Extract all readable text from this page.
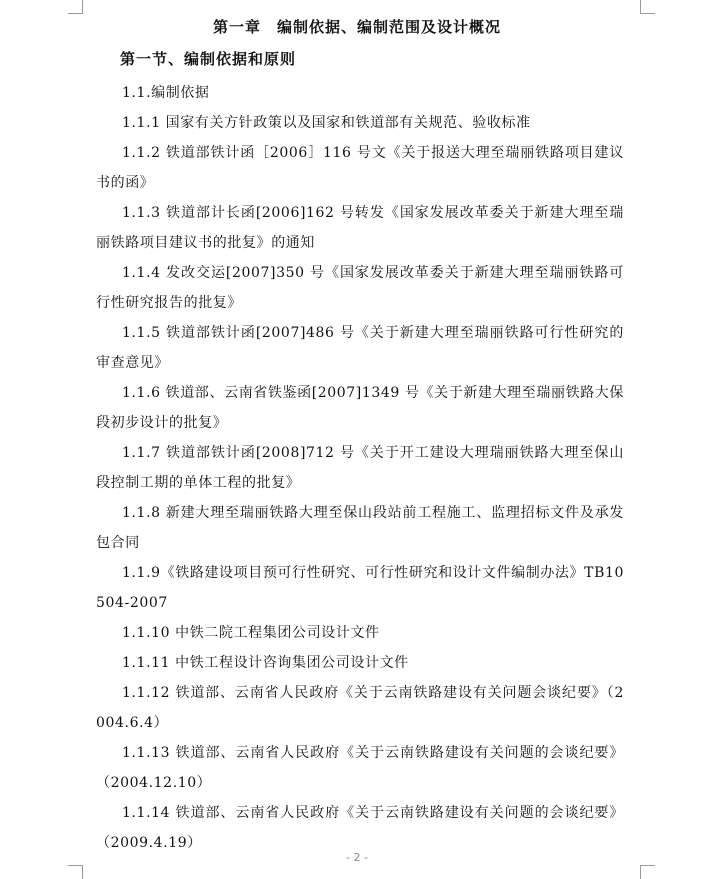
第一章　编制依据、编制范围及设计概况
第一节、编制依据和原则

1.1.编制依据

1.1.1 国家有关方针政策以及国家和铁道部有关规范、验收标准

1.1.2 铁道部铁计函［2006］116 号文《关于报送大理至瑞丽铁路项目建议书的函》

1.1.3 铁道部计长函[2006]162 号转发《国家发展改革委关于新建大理至瑞丽铁路项目建议书的批复》的通知

1.1.4 发改交运[2007]350 号《国家发展改革委关于新建大理至瑞丽铁路可行性研究报告的批复》

1.1.5 铁道部铁计函[2007]486 号《关于新建大理至瑞丽铁路可行性研究的审查意见》

1.1.6 铁道部、云南省铁鉴函[2007]1349 号《关于新建大理至瑞丽铁路大保段初步设计的批复》

1.1.7 铁道部铁计函[2008]712 号《关于开工建设大理瑞丽铁路大理至保山段控制工期的单体工程的批复》

1.1.8 新建大理至瑞丽铁路大理至保山段站前工程施工、监理招标文件及承发包合同

1.1.9《铁路建设项目预可行性研究、可行性研究和设计文件编制办法》TB10504-2007

1.1.10 中铁二院工程集团公司设计文件

1.1.11 中铁工程设计咨询集团公司设计文件

1.1.12 铁道部、云南省人民政府《关于云南铁路建设有关问题会谈纪要》（2004.6.4）

1.1.13 铁道部、云南省人民政府《关于云南铁路建设有关问题的会谈纪要》（2004.12.10）

1.1.14 铁道部、云南省人民政府《关于云南铁路建设有关问题的会谈纪要》（2009.4.19）

- 2 -
